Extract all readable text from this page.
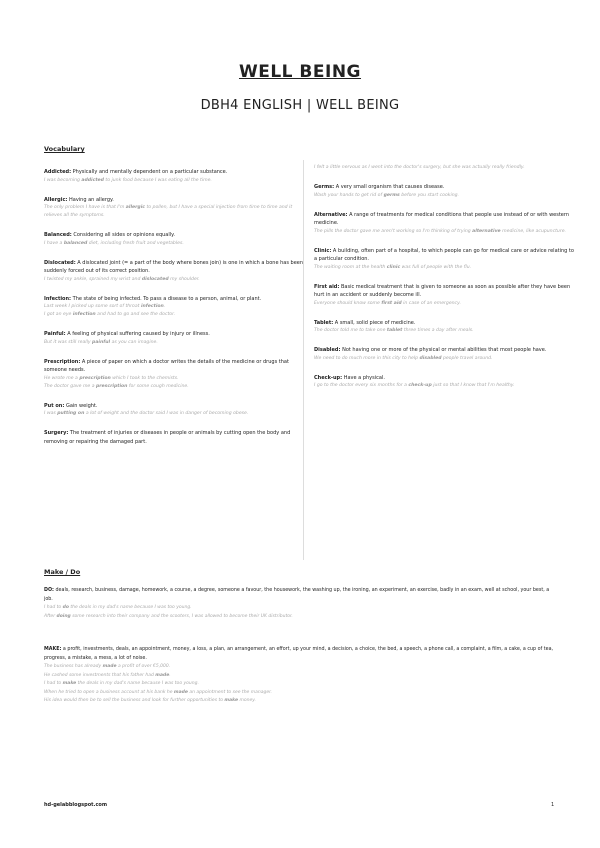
WELL BEING
DBH4 ENGLISH | WELL BEING
Vocabulary
Addicted: Physically and mentally dependent on a particular substance.
I was becoming addicted to junk food because I was eating all the time.
Allergic: Having an allergy.
The only problem I have is that I'm allergic to pollen, but I have a special injection from time to time and it relieves all the symptoms.
Balanced: Considering all sides or opinions equally.
I have a balanced diet, including fresh fruit and vegetables.
Dislocated: A dislocated joint (= a part of the body where bones join) is one in which a bone has been suddenly forced out of its correct position.
I twisted my ankle, sprained my wrist and dislocated my shoulder.
Infection: The state of being infected. To pass a disease to a person, animal, or plant.
Last week I picked up some sort of throat infection.
I got an eye infection and had to go and see the doctor.
Painful: A feeling of physical suffering caused by injury or illness.
But it was still really painful as you can imagine.
Prescription: A piece of paper on which a doctor writes the details of the medicine or drugs that someone needs.
He wrote me a prescription which I took to the chemists.
The doctor gave me a prescription for some cough medicine.
Put on: Gain weight.
I was putting on a lot of weight and the doctor said I was in danger of becoming obese.
Surgery: The treatment of injuries or diseases in people or animals by cutting open the body and removing or repairing the damaged part.
I felt a little nervous as I went into the doctor's surgery, but she was actually really friendly.
Germs: A very small organism that causes disease.
Wash your hands to get rid of germs before you start cooking.
Alternative: A range of treatments for medical conditions that people use instead of or with western medicine.
The pills the doctor gave me aren't working so I'm thinking of trying alternative medicine, like acupuncture.
Clinic: A building, often part of a hospital, to which people can go for medical care or advice relating to a particular condition.
The waiting room at the health clinic was full of people with the flu.
First aid: Basic medical treatment that is given to someone as soon as possible after they have been hurt in an accident or suddenly become ill.
Everyone should know some first aid in case of an emergency.
Tablet: A small, solid piece of medicine.
The doctor told me to take one tablet three times a day after meals.
Disabled: Not having one or more of the physical or mental abilities that most people have.
We need to do much more in this city to help disabled people travel around.
Check-up: Have a physical.
I go to the doctor every six months for a check-up just so that I know that I'm healthy.
Make / Do
DO: deals, research, business, damage, homework, a course, a degree, someone a favour, the housework, the washing up, the ironing, an experiment, an exercise, badly in an exam, well at school, your best, a job.
I had to do the deals in my dad's name because I was too young.
After doing some research into their company and the scooters, I was allowed to become their UK distributor.
MAKE: a profit, investments, deals, an appointment, money, a loss, a plan, an arrangement, an effort, up your mind, a decision, a choice, the bed, a speech, a phone call, a complaint, a film, a cake, a cup of tea, progress, a mistake, a mess, a lot of noise.
The business has already made a profit of over €5,000.
He cashed some investments that his father had made.
I had to make the deals in my dad's name because I was too young.
When he tried to open a business account at his bank he made an appointment to see the manager.
His idea would then be to sell the business and look for further opportunities to make money.
hd-gelabblogspot.com	1
